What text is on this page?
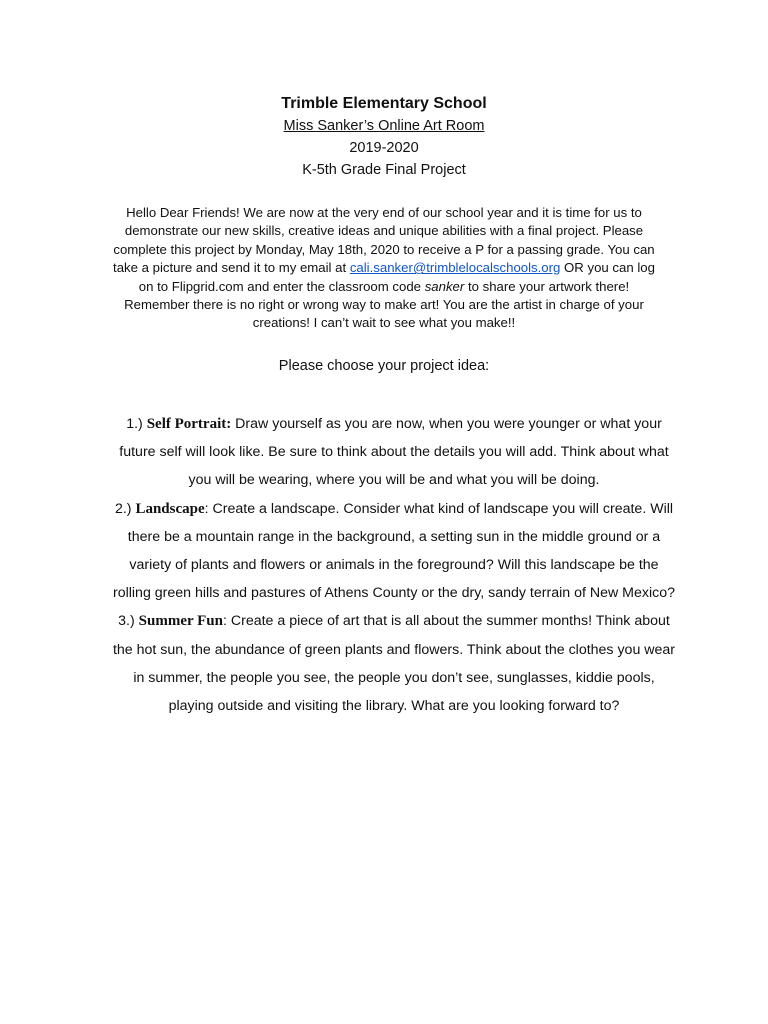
Trimble Elementary School
Miss Sanker’s Online Art Room
2019-2020
K-5th Grade Final Project
Hello Dear Friends! We are now at the very end of our school year and it is time for us to demonstrate our new skills, creative ideas and unique abilities with a final project. Please complete this project by Monday, May 18th, 2020 to receive a P for a passing grade. You can take a picture and send it to my email at cali.sanker@trimblelocalschools.org OR you can log on to Flipgrid.com and enter the classroom code sanker to share your artwork there! Remember there is no right or wrong way to make art! You are the artist in charge of your creations! I can’t wait to see what you make!!
Please choose your project idea:

1.) Self Portrait: Draw yourself as you are now, when you were younger or what your future self will look like. Be sure to think about the details you will add. Think about what you will be wearing, where you will be and what you will be doing.

2.) Landscape: Create a landscape. Consider what kind of landscape you will create. Will there be a mountain range in the background, a setting sun in the middle ground or a variety of plants and flowers or animals in the foreground? Will this landscape be the rolling green hills and pastures of Athens County or the dry, sandy terrain of New Mexico?

3.) Summer Fun: Create a piece of art that is all about the summer months! Think about the hot sun, the abundance of green plants and flowers. Think about the clothes you wear in summer, the people you see, the people you don’t see, sunglasses, kiddie pools, playing outside and visiting the library. What are you looking forward to?
